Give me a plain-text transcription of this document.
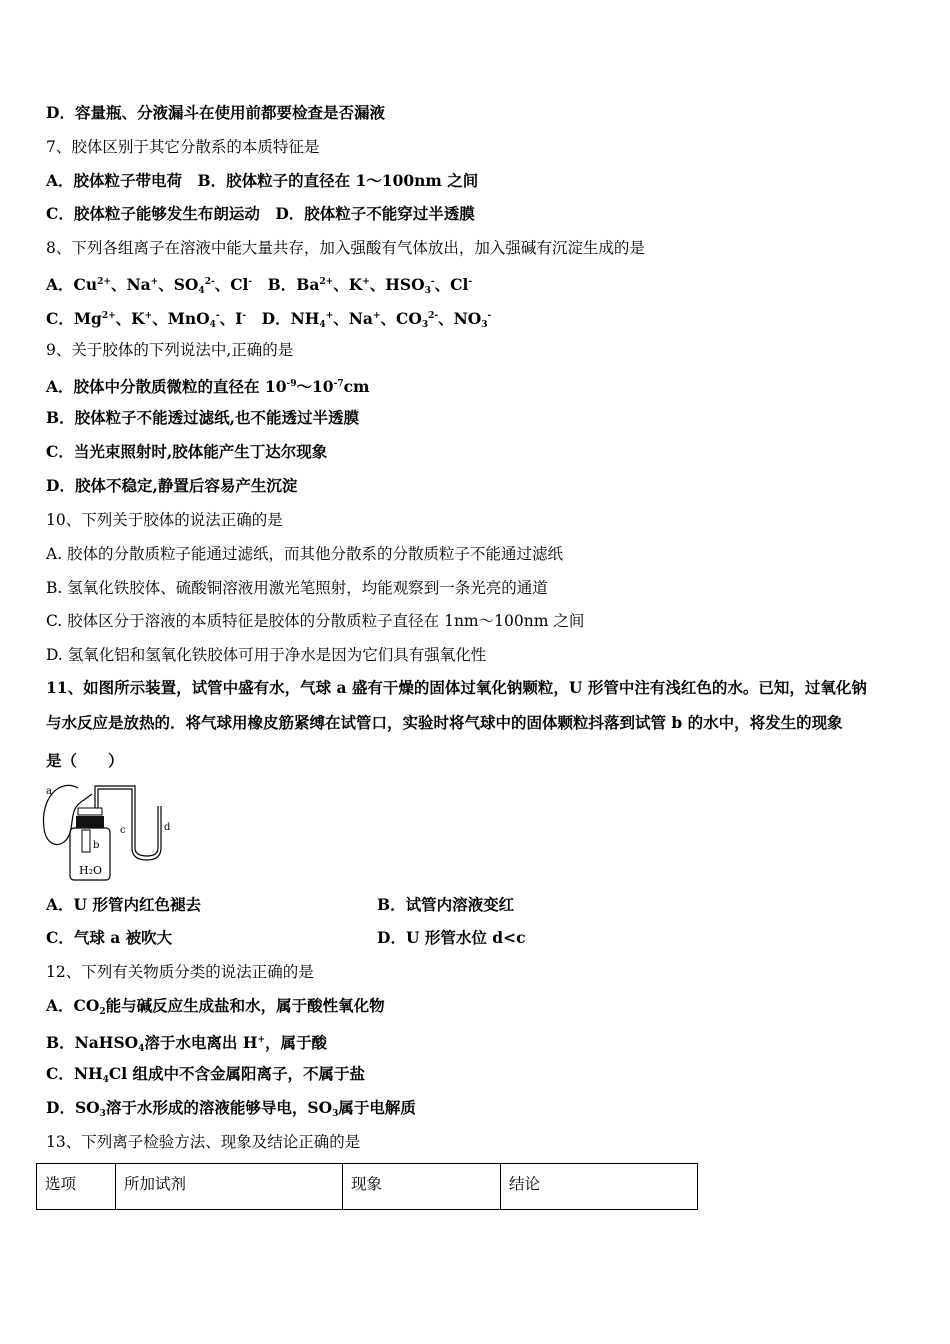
D．容量瓶、分液漏斗在使用前都要检查是否漏液
7、胶体区别于其它分散系的本质特征是
A．胶体粒子带电荷　B．胶体粒子的直径在 1～100nm 之间
C．胶体粒子能够发生布朗运动　D．胶体粒子不能穿过半透膜
8、下列各组离子在溶液中能大量共存，加入强酸有气体放出，加入强碱有沉淀生成的是
A．$Cu^{2+}$、Na+、$SO_4^{2-}$、Cl-　B．$Ba^{2+}$、K+、$HSO_3^-$、Cl-
C．$Mg^{2+}$、K+、MnO$_4$-、I-　D．$NH_4^+$、Na+、$CO_3^{2-}$、$NO_3^-$
9、关于胶体的下列说法中,正确的是
A．胶体中分散质微粒的直径在 $10^{-9}\sim 10^{-7}cm$
B．胶体粒子不能透过滤纸,也不能透过半透膜
C．当光束照射时,胶体能产生丁达尔现象
D．胶体不稳定,静置后容易产生沉淀
10、下列关于胶体的说法正确的是
A. 胶体的分散质粒子能通过滤纸，而其他分散系的分散质粒子不能通过滤纸
B. 氢氧化铁胶体、硫酸铜溶液用激光笔照射，均能观察到一条光亮的通道
C. 胶体区分于溶液的本质特征是胶体的分散质粒子直径在 1nm～100nm 之间
D. 氢氧化铝和氢氧化铁胶体可用于净水是因为它们具有强氧化性
11、如图所示装置，试管中盛有水，气球 a 盛有干燥的固体过氧化钠颗粒，U 形管中注有浅红色的水。已知，过氧化钠
与水反应是放热的．将气球用橡皮筋紧缚在试管口，实验时将气球中的固体颗粒抖落到试管 b 的水中，将发生的现象
是（　　）
A．U 形管内红色褪去	B．试管内溶液变红
C．气球 a 被吹大	D．U 形管水位 d<c
12、下列有关物质分类的说法正确的是
A．$CO_2$能与碱反应生成盐和水，属于酸性氧化物
B．NaHSO$_4$溶于水电离出 H+，属于酸
C．$NH_4Cl$ 组成中不含金属阳离子，不属于盐
D．$SO_3$溶于水形成的溶液能够导电，$SO_3$属于电解质
13、下列离子检验方法、现象及结论正确的是
a
b
c	d
H₂O
选项	所加试剂	现象	结论
